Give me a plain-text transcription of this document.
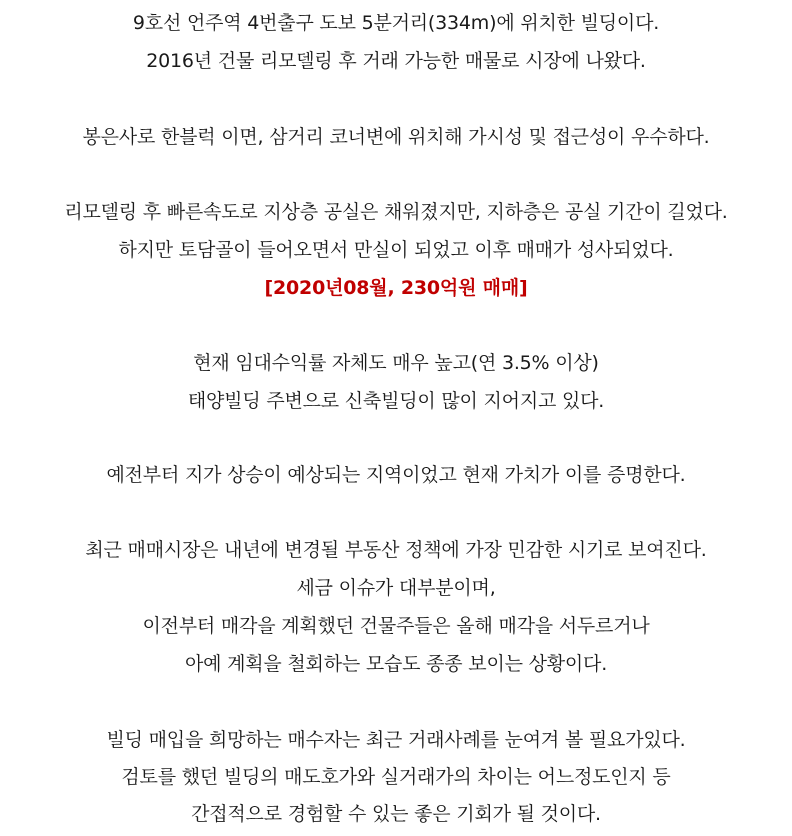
9호선 언주역 4번출구 도보 5분거리(334m)에 위치한 빌딩이다.
2016년 건물 리모델링 후 거래 가능한 매물로 시장에 나왔다.
봉은사로 한블럭 이면, 삼거리 코너변에 위치해 가시성 및 접근성이 우수하다.
리모델링 후 빠른속도로 지상층 공실은 채워졌지만, 지하층은 공실 기간이 길었다.
하지만 토담골이 들어오면서 만실이 되었고 이후 매매가 성사되었다.
[2020년08월, 230억원 매매]
현재 임대수익률 자체도 매우 높고(연 3.5% 이상)
태양빌딩 주변으로 신축빌딩이 많이 지어지고 있다.
예전부터 지가 상승이 예상되는 지역이었고 현재 가치가 이를 증명한다.
최근 매매시장은 내년에 변경될 부동산 정책에 가장 민감한 시기로 보여진다.
세금 이슈가 대부분이며,
이전부터 매각을 계획했던 건물주들은 올해 매각을 서두르거나
아예 계획을 철회하는 모습도 종종 보이는 상황이다.
빌딩 매입을 희망하는 매수자는 최근 거래사례를 눈여겨 볼 필요가있다.
검토를 했던 빌딩의 매도호가와 실거래가의 차이는 어느정도인지 등
간접적으로 경험할 수 있는 좋은 기회가 될 것이다.
